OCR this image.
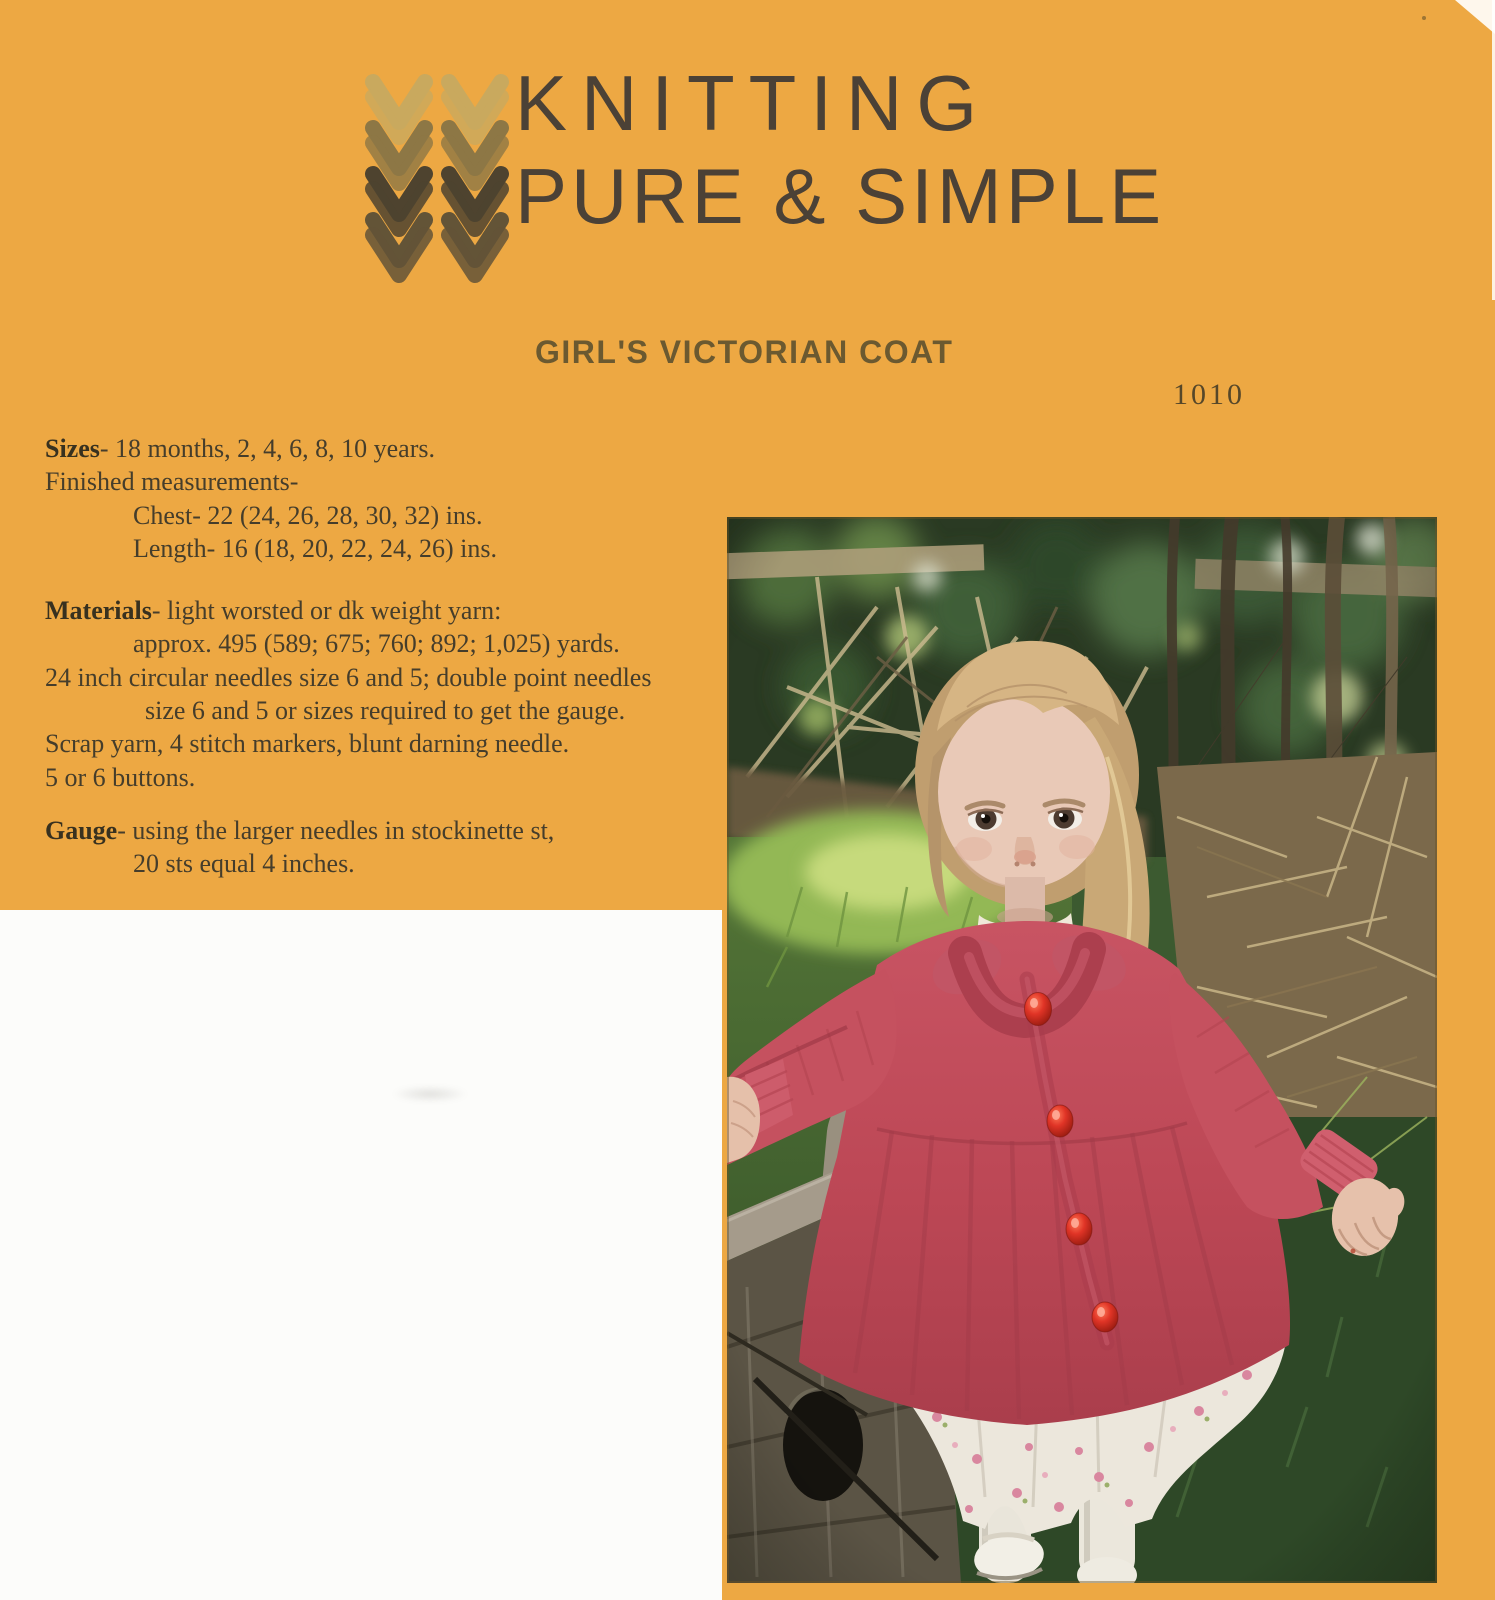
KNITTING
PURE & SIMPLE
GIRL'S VICTORIAN COAT
1010
Sizes- 18 months, 2, 4, 6, 8, 10 years.
Finished measurements-
Chest- 22 (24, 26, 28, 30, 32) ins.
Length- 16 (18, 20, 22, 24, 26) ins.
Materials- light worsted or dk weight yarn:
approx. 495 (589; 675; 760; 892; 1,025) yards.
24 inch circular needles size 6 and 5; double point needles
size 6 and 5 or sizes required to get the gauge.
Scrap yarn, 4 stitch markers, blunt darning needle.
5 or 6 buttons.
Gauge- using the larger needles in stockinette st,
20 sts equal 4 inches.
